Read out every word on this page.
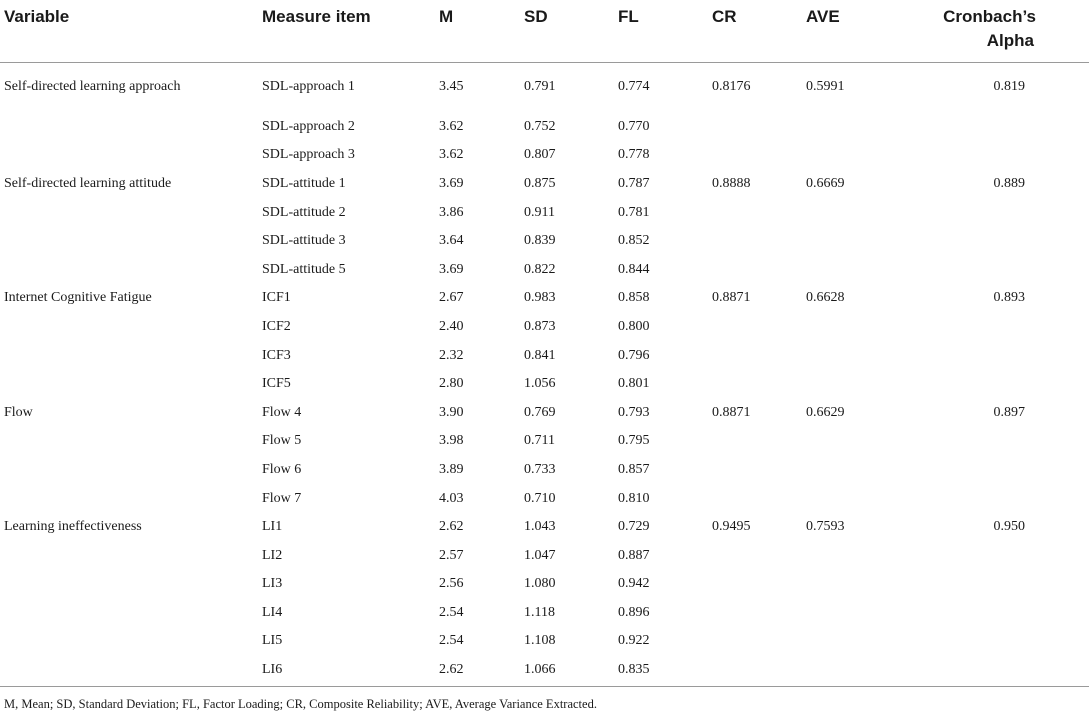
Variable	Measure item	M	SD	FL	CR	AVE	Cronbach’s
Alpha

Self-directed learning approach	SDL-approach 1	3.45	0.791	0.774	0.8176	0.5991	0.819

	SDL-approach 2	3.62	0.752	0.770			
	SDL-approach 3	3.62	0.807	0.778			
Self-directed learning attitude	SDL-attitude 1	3.69	0.875	0.787	0.8888	0.6669	0.889
	SDL-attitude 2	3.86	0.911	0.781			
	SDL-attitude 3	3.64	0.839	0.852			
	SDL-attitude 5	3.69	0.822	0.844			
Internet Cognitive Fatigue	ICF1	2.67	0.983	0.858	0.8871	0.6628	0.893
	ICF2	2.40	0.873	0.800			
	ICF3	2.32	0.841	0.796			
	ICF5	2.80	1.056	0.801			
Flow	Flow 4	3.90	0.769	0.793	0.8871	0.6629	0.897
	Flow 5	3.98	0.711	0.795			
	Flow 6	3.89	0.733	0.857			
	Flow 7	4.03	0.710	0.810			
Learning ineffectiveness	LI1	2.62	1.043	0.729	0.9495	0.7593	0.950
	LI2	2.57	1.047	0.887			
	LI3	2.56	1.080	0.942			
	LI4	2.54	1.118	0.896			
	LI5	2.54	1.108	0.922			
	LI6	2.62	1.066	0.835			
M, Mean; SD, Standard Deviation; FL, Factor Loading; CR, Composite Reliability; AVE, Average Variance Extracted.
